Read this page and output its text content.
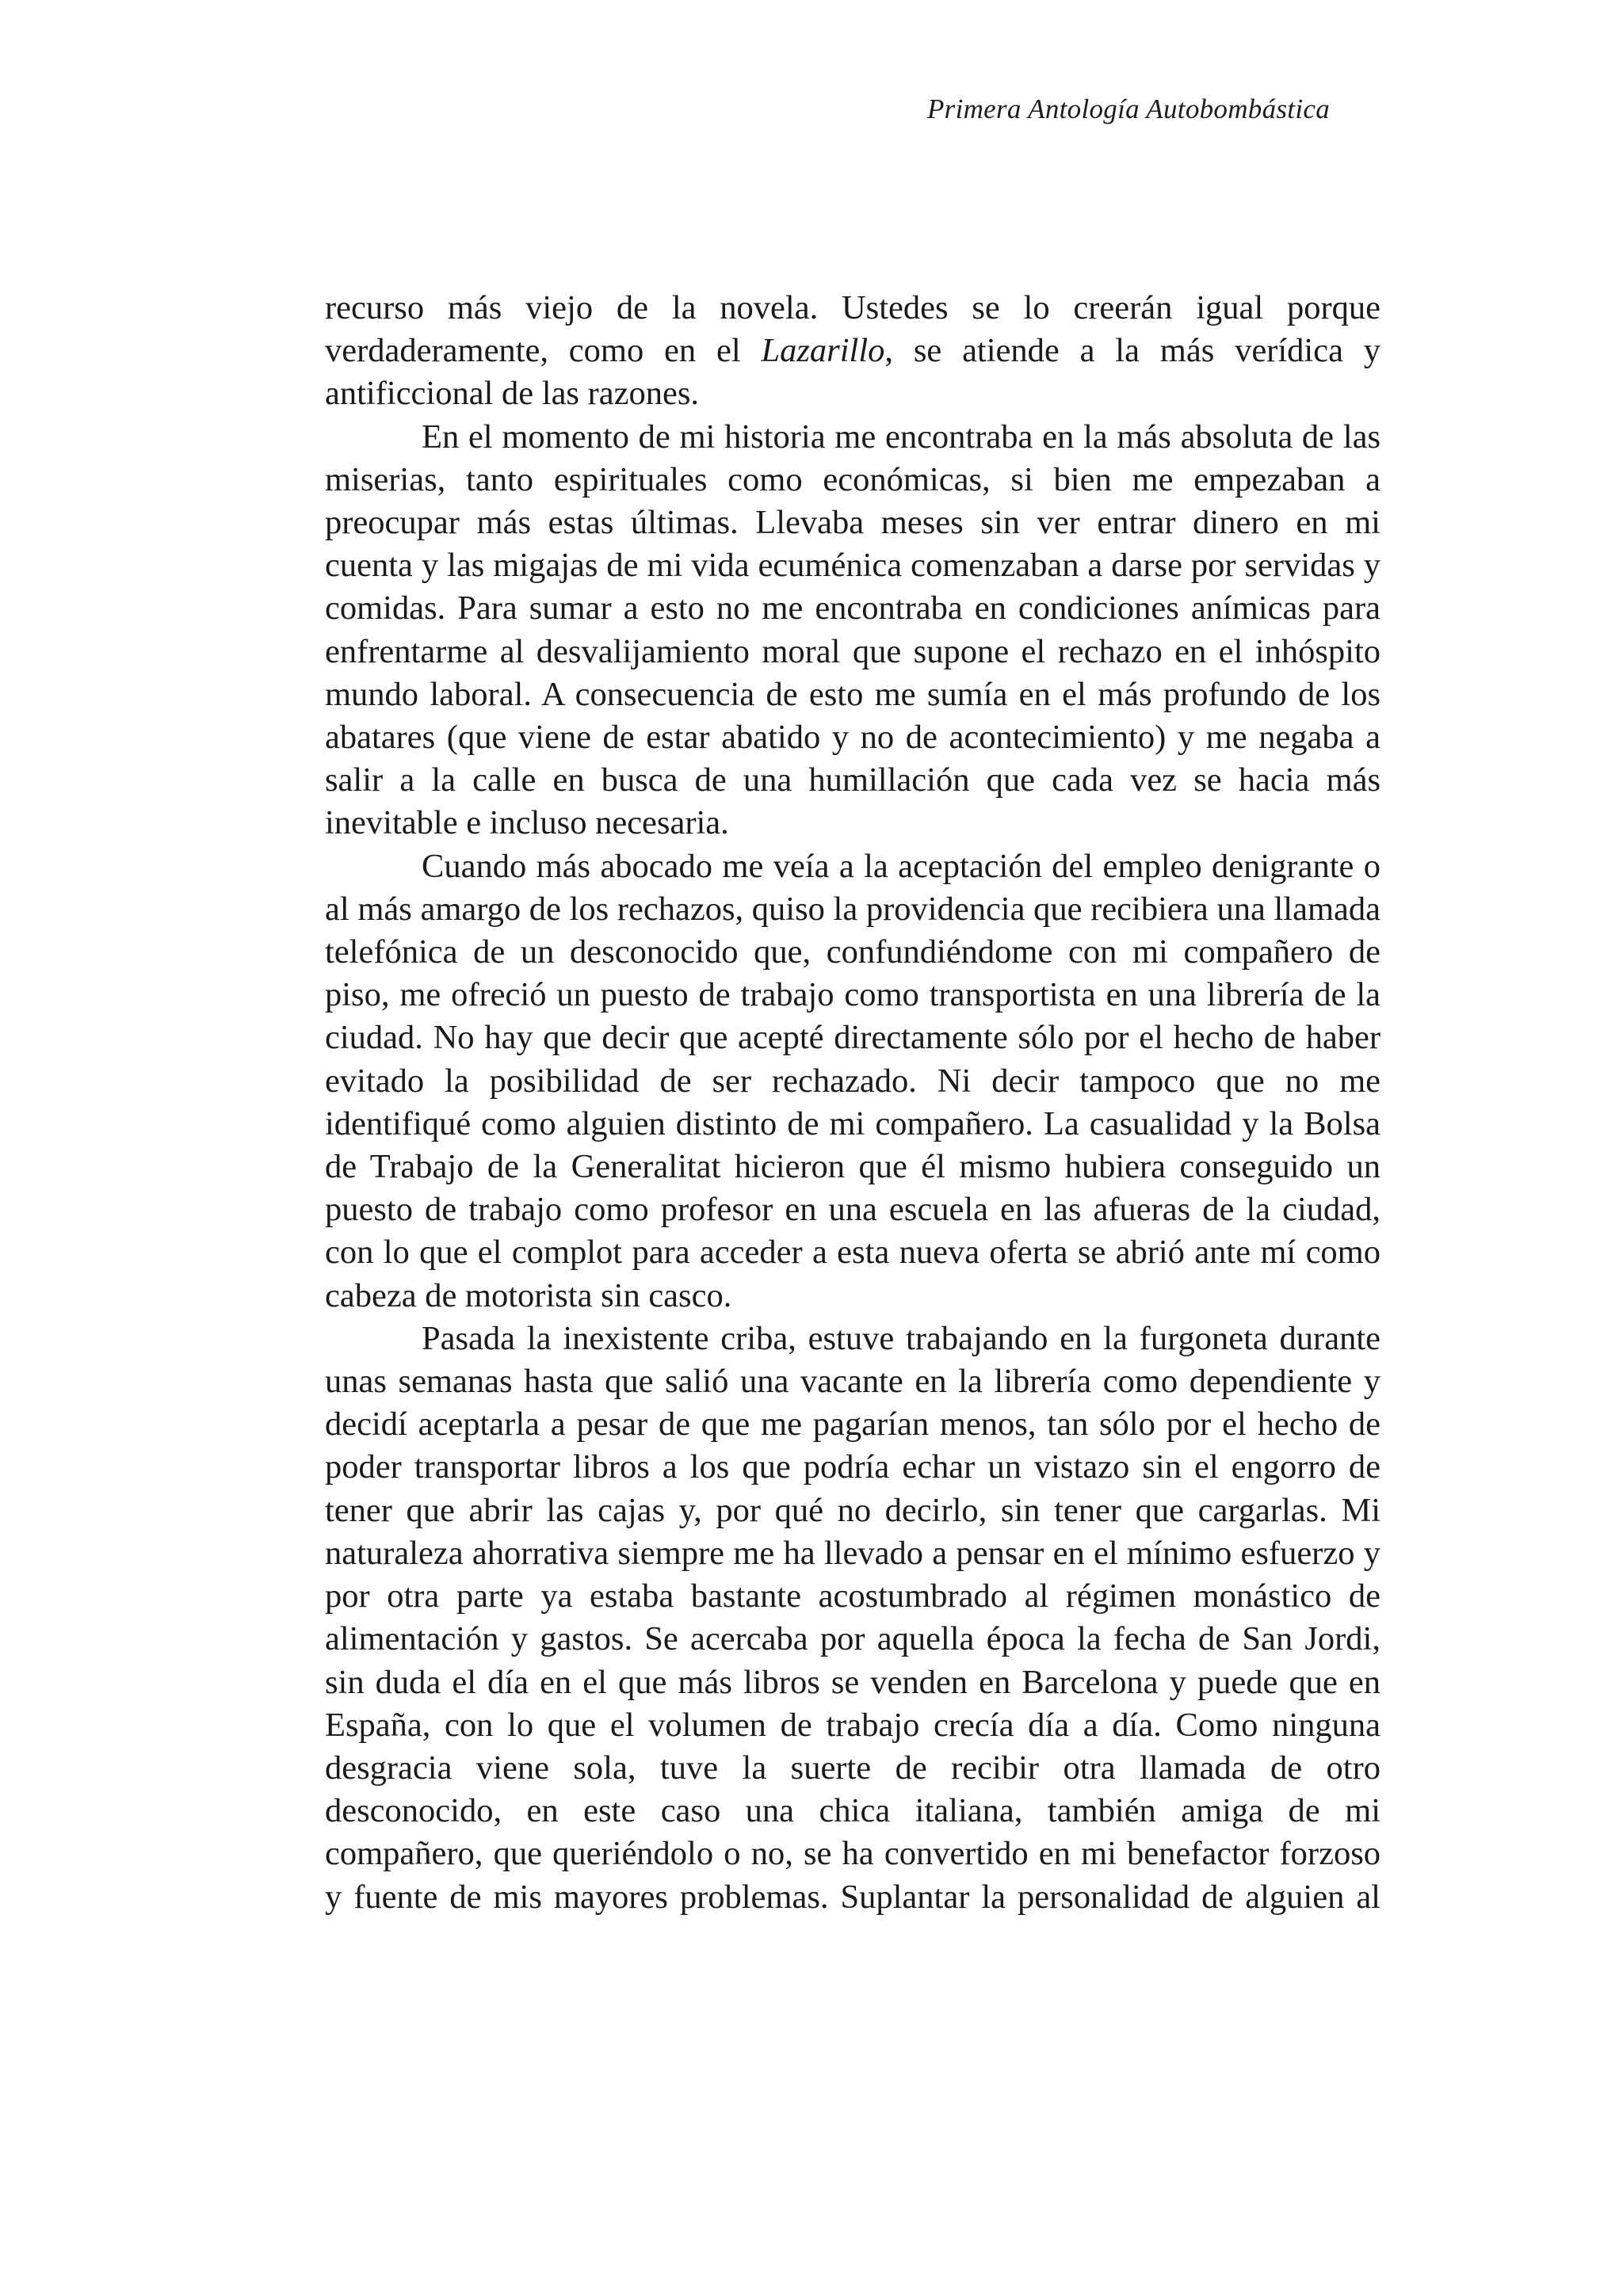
Primera Antología Autobombástica

recurso más viejo de la novela. Ustedes se lo creerán igual porque verdaderamente, como en el Lazarillo, se atiende a la más verídica y antificcional de las razones.

En el momento de mi historia me encontraba en la más absoluta de las miserias, tanto espirituales como económicas, si bien me empezaban a preocupar más estas últimas. Llevaba meses sin ver entrar dinero en mi cuenta y las migajas de mi vida ecuménica comenzaban a darse por servidas y comidas. Para sumar a esto no me encontraba en condiciones anímicas para enfrentarme al desvalijamiento moral que supone el rechazo en el inhóspito mundo laboral. A consecuencia de esto me sumía en el más profundo de los abatares (que viene de estar abatido y no de acontecimiento) y me negaba a salir a la calle en busca de una humillación que cada vez se hacia más inevitable e incluso necesaria.

Cuando más abocado me veía a la aceptación del empleo denigrante o al más amargo de los rechazos, quiso la providencia que recibiera una llamada telefónica de un desconocido que, confundiéndome con mi compañero de piso, me ofreció un puesto de trabajo como transportista en una librería de la ciudad. No hay que decir que acepté directamente sólo por el hecho de haber evitado la posibilidad de ser rechazado. Ni decir tampoco que no me identifiqué como alguien distinto de mi compañero. La casualidad y la Bolsa de Trabajo de la Generalitat hicieron que él mismo hubiera conseguido un puesto de trabajo como profesor en una escuela en las afueras de la ciudad, con lo que el complot para acceder a esta nueva oferta se abrió ante mí como cabeza de motorista sin casco.

Pasada la inexistente criba, estuve trabajando en la furgoneta durante unas semanas hasta que salió una vacante en la librería como dependiente y decidí aceptarla a pesar de que me pagarían menos, tan sólo por el hecho de poder transportar libros a los que podría echar un vistazo sin el engorro de tener que abrir las cajas y, por qué no decirlo, sin tener que cargarlas. Mi naturaleza ahorrativa siempre me ha llevado a pensar en el mínimo esfuerzo y por otra parte ya estaba bastante acostumbrado al régimen monástico de alimentación y gastos. Se acercaba por aquella época la fecha de San Jordi, sin duda el día en el que más libros se venden en Barcelona y puede que en España, con lo que el volumen de trabajo crecía día a día. Como ninguna desgracia viene sola, tuve la suerte de recibir otra llamada de otro desconocido, en este caso una chica italiana, también amiga de mi compañero, que queriéndolo o no, se ha convertido en mi benefactor forzoso y fuente de mis mayores problemas. Suplantar la personalidad de alguien al
